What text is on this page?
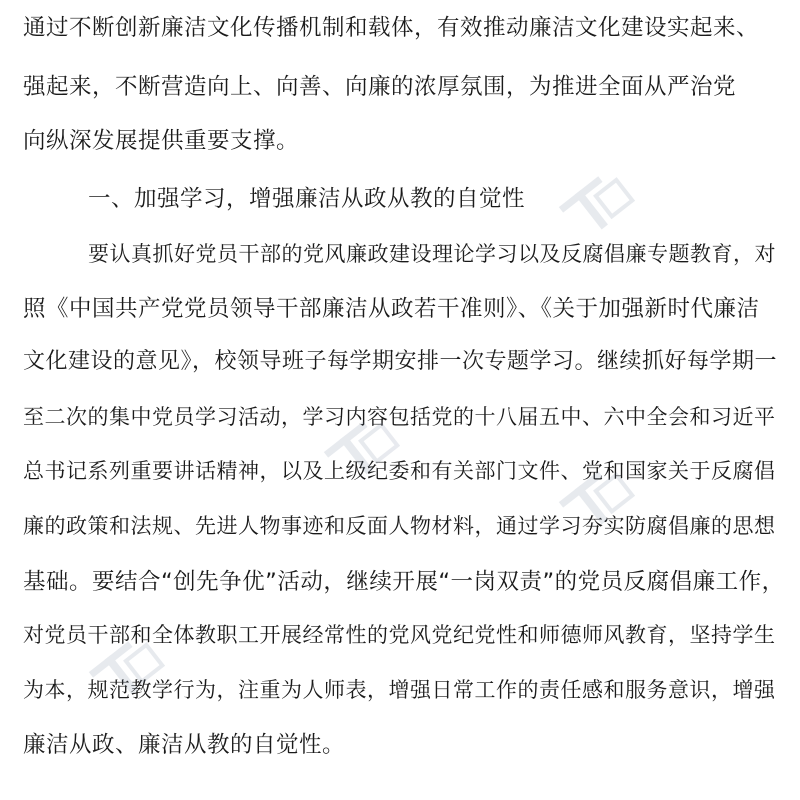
通过不断创新廉洁文化传播机制和载体，有效推动廉洁文化建设实起来、
强起来，不断营造向上、向善、向廉的浓厚氛围，为推进全面从严治党
向纵深发展提供重要支撑。
一、加强学习，增强廉洁从政从教的自觉性
要认真抓好党员干部的党风廉政建设理论学习以及反腐倡廉专题教育，对
照《中国共产党党员领导干部廉洁从政若干准则》、《关于加强新时代廉洁
文化建设的意见》，校领导班子每学期安排一次专题学习。继续抓好每学期一
至二次的集中党员学习活动，学习内容包括党的十八届五中、六中全会和习近平
总书记系列重要讲话精神，以及上级纪委和有关部门文件、党和国家关于反腐倡
廉的政策和法规、先进人物事迹和反面人物材料，通过学习夯实防腐倡廉的思想
基础。要结合“创先争优”活动，继续开展“一岗双责”的党员反腐倡廉工作，
对党员干部和全体教职工开展经常性的党风党纪党性和师德师风教育，坚持学生
为本，规范教学行为，注重为人师表，增强日常工作的责任感和服务意识，增强
廉洁从政、廉洁从教的自觉性。
